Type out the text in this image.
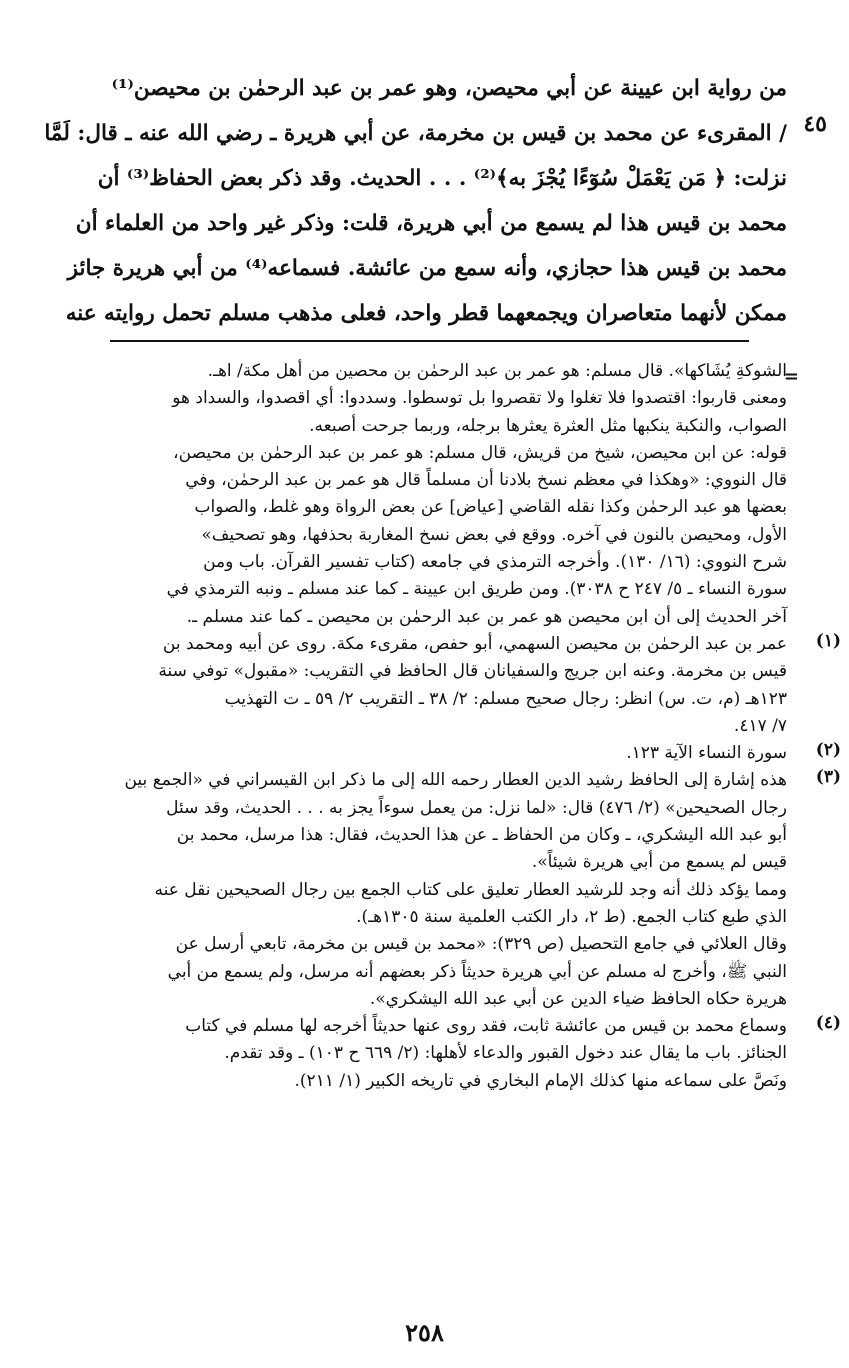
٤٥
من رواية ابن عيينة عن أبي محيصن، وهو عمر بن عبد الرحمٰن بن محيصن⁽¹⁾
/ المقرىء عن محمد بن قيس بن مخرمة، عن أبي هريرة ـ رضي الله عنه ـ قال: لَمَّا
نزلت: ﴿ مَن يَعْمَلْ سُوٓءًا يُجْزَ به﴾⁽²⁾ . . . الحديث. وقد ذكر بعض الحفاظ⁽³⁾ أن
محمد بن قيس هذا لم يسمع من أبي هريرة، قلت: وذكر غير واحد من العلماء أن
محمد بن قيس هذا حجازي، وأنه سمع من عائشة. فسماعه⁽⁴⁾ من أبي هريرة جائز
ممكن لأنهما متعاصران ويجمعهما قطر واحد، فعلى مذهب مسلم تحمل روايته عنه
=
الشوكةِ يُشَاكها». قال مسلم: هو عمر بن عبد الرحمٰن بن محصين من أهل مكة/ اهـ.
ومعنى قاربوا: اقتصدوا فلا تغلوا ولا تقصروا بل توسطوا. وسددوا: أي اقصدوا، والسداد هو
الصواب، والنكبة ينكبها مثل العثرة يعثرها برجله، وربما جرحت أصبعه.
قوله: عن ابن محيصن، شيخ من قريش، قال مسلم: هو عمر بن عبد الرحمٰن بن محيصن،
قال النووي: «وهكذا في معظم نسخ بلادنا أن مسلماً قال هو عمر بن عبد الرحمٰن، وفي
بعضها هو عبد الرحمٰن وكذا نقله القاضي [عياض] عن بعض الرواة وهو غلط، والصواب
الأول، ومحيصن بالنون في آخره. ووقع في بعض نسخ المغاربة بحذفها، وهو تصحيف»
شرح النووي: (١٦/ ١٣٠). وأخرجه الترمذي في جامعه (كتاب تفسير القرآن. باب ومن
سورة النساء ـ ٥/ ٢٤٧ ح ٣٠٣٨). ومن طريق ابن عيينة ـ كما عند مسلم ـ ونبه الترمذي في
آخر الحديث إلى أن ابن محيصن هو عمر بن عبد الرحمٰن بن محيصن ـ كما عند مسلم ـ.
(١)
عمر بن عبد الرحمٰن بن محيصن السهمي، أبو حفص، مقرىء مكة. روى عن أبيه ومحمد بن
قيس بن مخرمة. وعنه ابن جريج والسفيانان قال الحافظ في التقريب: «مقبول» توفي سنة
١٢٣هـ (م، ت. س) انظر: رجال صحيح مسلم: ٢/ ٣٨ ـ التقريب ٢/ ٥٩ ـ ت التهذيب
٧/ ٤١٧.
(٢)
سورة النساء الآية ١٢٣.
(٣)
هذه إشارة إلى الحافظ رشيد الدين العطار رحمه الله إلى ما ذكر ابن القيسراني في «الجمع بين
رجال الصحيحين» (٢/ ٤٧٦) قال: «لما نزل: من يعمل سوءاً يجز به . . . الحديث، وقد سئل
أبو عبد الله اليشكري، ـ وكان من الحفاظ ـ عن هذا الحديث، فقال: هذا مرسل، محمد بن
قيس لم يسمع من أبي هريرة شيئاً».
ومما يؤكد ذلك أنه وجد للرشيد العطار تعليق على كتاب الجمع بين رجال الصحيحين نقل عنه
الذي طبع كتاب الجمع. (ط ٢، دار الكتب العلمية سنة ١٣٠٥هـ).
وقال العلائي في جامع التحصيل (ص ٣٢٩): «محمد بن قيس بن مخرمة، تابعي أرسل عن
النبي ﷺ، وأخرج له مسلم عن أبي هريرة حديثاً ذكر بعضهم أنه مرسل، ولم يسمع من أبي
هريرة حكاه الحافظ ضياء الدين عن أبي عبد الله اليشكري».
(٤)
وسماع محمد بن قيس من عائشة ثابت، فقد روى عنها حديثاً أخرجه لها مسلم في كتاب
الجنائز. باب ما يقال عند دخول القبور والدعاء لأهلها: (٢/ ٦٦٩ ح ١٠٣) ـ وقد تقدم.
ونَصَّ على سماعه منها كذلك الإمام البخاري في تاريخه الكبير (١/ ٢١١).
٢٥٨
